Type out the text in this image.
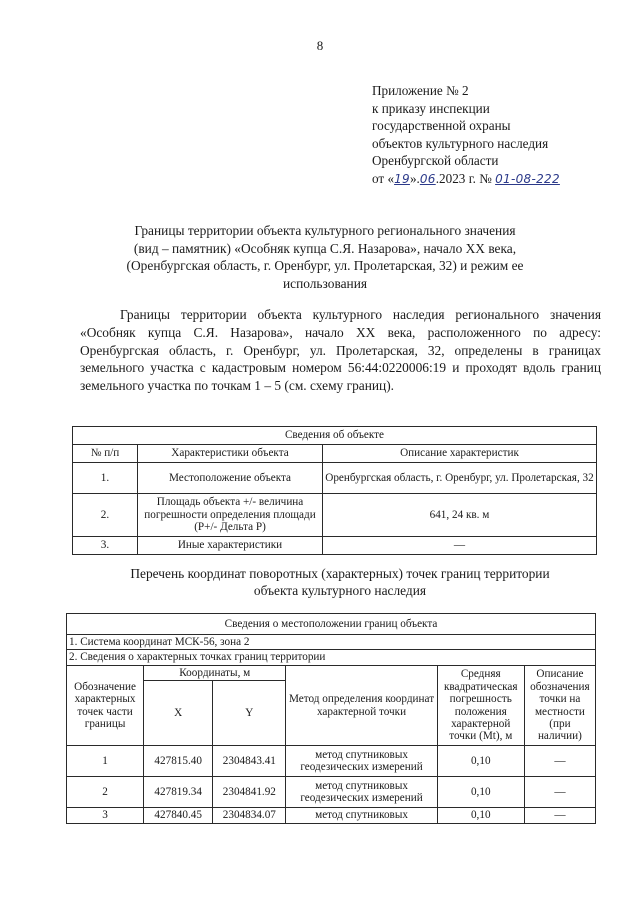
8
Приложение № 2
к приказу инспекции
государственной охраны
объектов культурного наследия
Оренбургской области
от «19».06.2023 г. № 01-08-222
Границы территории объекта культурного регионального значения
(вид – памятник) «Особняк купца С.Я. Назарова», начало XX века,
(Оренбургская область, г. Оренбург, ул. Пролетарская, 32) и режим ее
использования
Границы территории объекта культурного наследия регионального значения «Особняк купца С.Я. Назарова», начало XX века, расположенного по адресу: Оренбургская область, г. Оренбург, ул. Пролетарская, 32, определены в границах земельного участка с кадастровым номером 56:44:0220006:19 и проходят вдоль границ земельного участка по точкам 1 – 5 (см. схему границ).
Сведения об объекте		
№ п/п	Характеристики объекта	Описание характеристик
1.	Местоположение объекта	Оренбургская область, г. Оренбург, ул. Пролетарская, 32
2.	Площадь объекта +/- величина погрешности определения площади (Р+/- Дельта Р)	641, 24 кв. м
3.	Иные характеристики	—
Перечень координат поворотных (характерных) точек границ территории
объекта культурного наследия
Сведения о местоположении границ объекта					
1. Система координат МСК-56, зона 2					
2. Сведения о характерных точках границ территории					
Обозначение характерных точек части границы	Координаты, м		Метод определения координат характерной точки	Средняя квадратическая погрешность положения характерной точки (Mt), м	Описание обозначения точки на местности (при наличии)
	X	Y			
1	427815.40	2304843.41	метод спутниковых геодезических измерений	0,10	—
2	427819.34	2304841.92	метод спутниковых геодезических измерений	0,10	—
3	427840.45	2304834.07	метод спутниковых	0,10	—
